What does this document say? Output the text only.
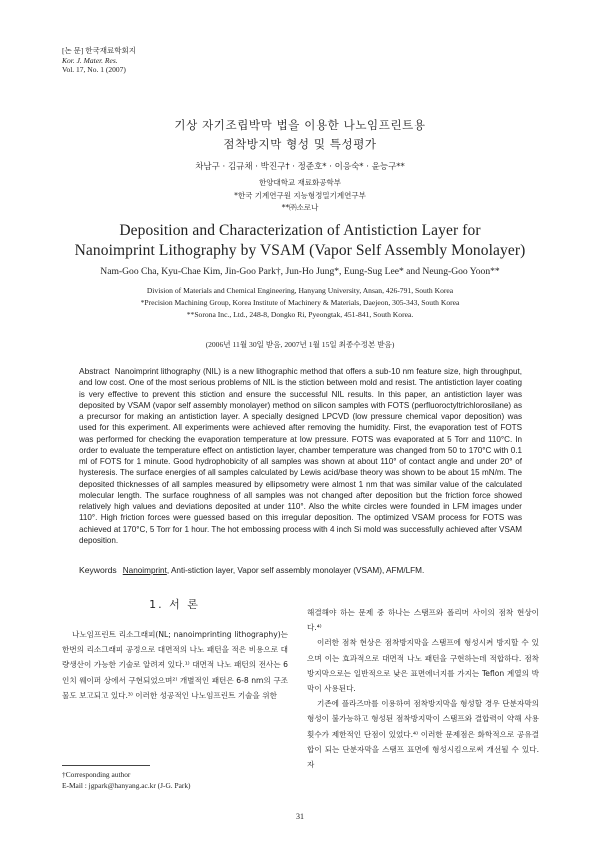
[논 문] 한국재료학회지
Kor. J. Mater. Res.
Vol. 17, No. 1 (2007)
기상 자기조립박막 법을 이용한 나노임프린트용
점착방지막 형성 및 특성평가
차남구 · 김규채 · 박진구† · 정준호* · 이응숙* · 윤능구**
한양대학교 재료화공학부
*한국 기계연구원 지능형정밀기계연구부
**㈜소로나
Deposition and Characterization of Antistiction Layer for
Nanoimprint Lithography by VSAM (Vapor Self Assembly Monolayer)
Nam-Goo Cha, Kyu-Chae Kim, Jin-Goo Park†, Jun-Ho Jung*, Eung-Sug Lee* and Neung-Goo Yoon**
Division of Materials and Chemical Engineering, Hanyang University, Ansan, 426-791, South Korea
*Precision Machining Group, Korea Institute of Machinery & Materials, Daejeon, 305-343, South Korea
**Sorona Inc., Ltd., 248-8, Dongko Ri, Pyeongtak, 451-841, South Korea.
(2006년 11월 30일 받음, 2007년 1월 15일 최종수정본 받음)
Abstract Nanoimprint lithography (NIL) is a new lithographic method that offers a sub-10 nm feature size, high throughput, and low cost. One of the most serious problems of NIL is the stiction between mold and resist. The antistiction layer coating is very effective to prevent this stiction and ensure the successful NIL results. In this paper, an antistiction layer was deposited by VSAM (vapor self assembly monolayer) method on silicon samples with FOTS (perfluoroctyltrichlorosilane) as a precursor for making an antistiction layer. A specially designed LPCVD (low pressure chemical vapor deposition) was used for this experiment. All experiments were achieved after removing the humidity. First, the evaporation test of FOTS was performed for checking the evaporation temperature at low pressure. FOTS was evaporated at 5 Torr and 110°C. In order to evaluate the temperature effect on antistiction layer, chamber temperature was changed from 50 to 170°C with 0.1 ml of FOTS for 1 minute. Good hydrophobicity of all samples was shown at about 110° of contact angle and under 20° of hysteresis. The surface energies of all samples calculated by Lewis acid/base theory was shown to be about 15 mN/m. The deposited thicknesses of all samples measured by ellipsometry were almost 1 nm that was similar value of the calculated molecular length. The surface roughness of all samples was not changed after deposition but the friction force showed relatively high values and deviations deposited at under 110°. Also the white circles were founded in LFM images under 110°. High friction forces were guessed based on this irregular deposition. The optimized VSAM process for FOTS was achieved at 170°C, 5 Torr for 1 hour. The hot embossing process with 4 inch Si mold was successfully achieved after VSAM deposition.
Keywords Nanoimprint, Anti-stiction layer, Vapor self assembly monolayer (VSAM), AFM/LFM.
1. 서 론

나노임프린트 리소그래피(NL; nanoimprinting lithography)는 한번의 리소그래피 공정으로 대면적의 나노 패턴을 적은 비용으로 대량생산이 가능한 기술로 알려져 있다.¹⁾ 대면적 나노 패턴의 전사는 6인치 웨이퍼 상에서 구현되었으며²⁾ 개별적인 패턴은 6-8 nm의 구조물도 보고되고 있다.³⁾ 이러한 성공적인 나노임프린트 기술을 위한

해결해야 하는 문제 중 하나는 스탬프와 폴리머 사이의 점착 현상이다.⁴⁾

이러한 점착 현상은 점착방지막을 스탬프에 형성시켜 방지할 수 있으며 이는 효과적으로 대면적 나노 패턴을 구현하는데 적합하다. 점착방지막으로는 일반적으로 낮은 표면에너지를 가지는 Teflon 계열의 박막이 사용된다.

기존에 플라즈마를 이용하여 점착방지막을 형성할 경우 단분자막의 형성이 불가능하고 형성된 점착방지막이 스탬프와 결합력이 약해 사용횟수가 제한적인 단점이 있었다.⁴⁾ 이러한 문제점은 화학적으로 공유결합이 되는 단분자막을 스탬프 표면에 형성시킴으로써 개선될 수 있다. 자

†Corresponding author
E-Mail : jgpark@hanyang.ac.kr (J-G. Park)
31
